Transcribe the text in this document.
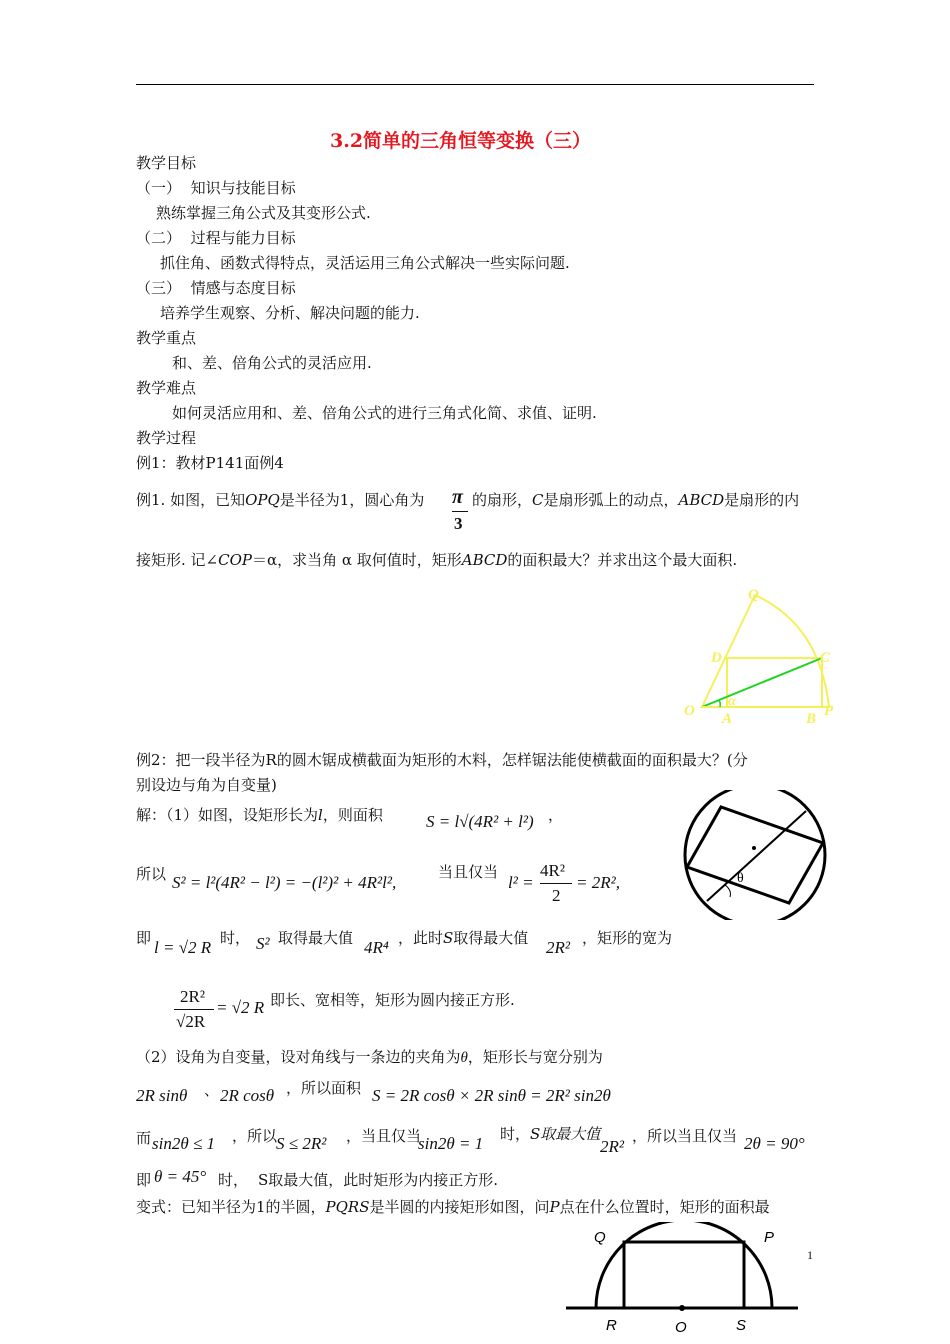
3.2简单的三角恒等变换（三）
教学目标
（一） 知识与技能目标
熟练掌握三角公式及其变形公式.
（二） 过程与能力目标
抓住角、函数式得特点，灵活运用三角公式解决一些实际问题.
（三） 情感与态度目标
培养学生观察、分析、解决问题的能力.
教学重点
和、差、倍角公式的灵活应用.
教学难点
如何灵活应用和、差、倍角公式的进行三角式化简、求值、证明.
教学过程
例1：教材P141面例4
例1. 如图，已知OPQ是半径为1，圆心角为 π
3
的扇形，C是扇形弧上的动点，ABCD是扇形的内
接矩形. 记∠COP＝α，求当角 α 取何值时，矩形ABCD的面积最大？并求出这个最大面积.
Q
D	C
O A	B P
α
例2：把一段半径为R的圆木锯成横截面为矩形的木料，怎样锯法能使横截面的面积最大？(分
别设边与角为自变量)
解：（1）如图，设矩形长为l，则面积	S = l√(4R² + l²) ，
所以 S² = l²(4R² − l²) = −(l²)² + 4R²l²,
当且仅当
l² =
4R²
2
= 2R²,
即 l = √2 R 时， S² 取得最大值 4R⁴ ，此时S取得最大值 2R² ，矩形的宽为
2R²
√2R
= √2 R 即长、宽相等，矩形为圆内接正方形.
（2）设角为自变量，设对角线与一条边的夹角为θ，矩形长与宽分别为
2R sinθ 、 2R cosθ ，所以面积 S = 2R cosθ × 2R sinθ = 2R² sin2θ
而 sin2θ ≤ 1 ，所以
S ≤ 2R² ，当且仅当
sin2θ = 1 时，S取最大值
2R²
，所以当且仅当 2θ = 90°
即 θ = 45° 时， S取最大值，此时矩形为内接正方形.
θ
变式：已知半径为1的半圆，PQRS是半圆的内接矩形如图，问P点在什么位置时，矩形的面积最
Q	P
R	O	S
1
